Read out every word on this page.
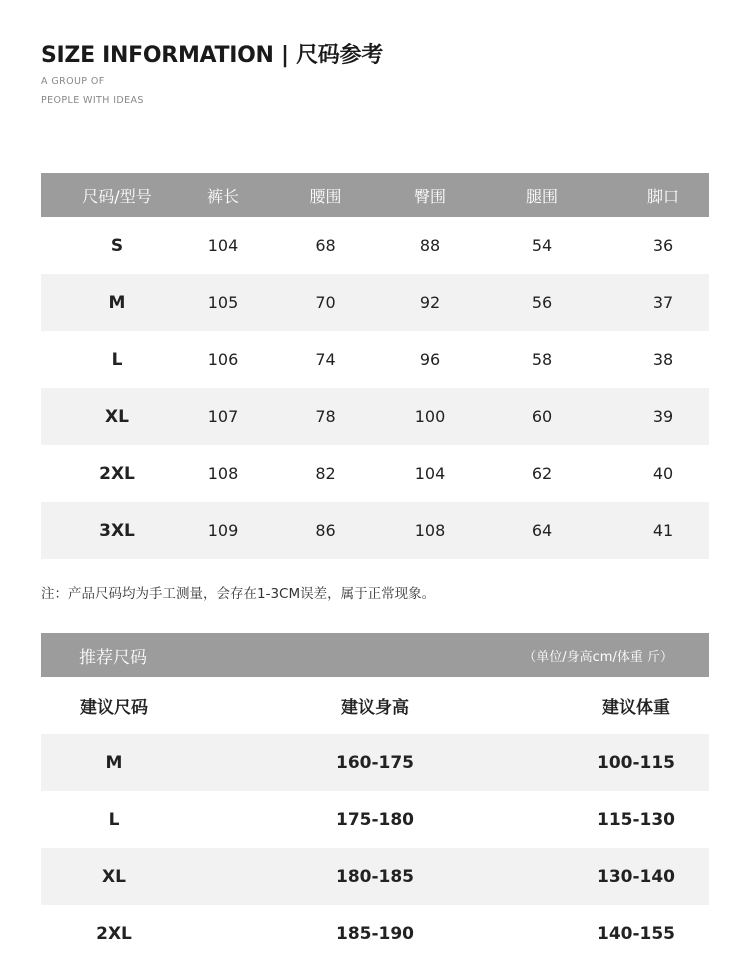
SIZE INFORMATION | 尺码参考
A GROUP OF
PEOPLE WITH IDEAS
尺码/型号	裤长	腰围	臀围	腿围	脚口
S	104	68	88	54	36
M	105	70	92	56	37
L	106	74	96	58	38
XL	107	78	100	60	39
2XL	108	82	104	62	40
3XL	109	86	108	64	41
注：产品尺码均为手工测量，会存在1-3CM误差，属于正常现象。
推荐尺码	（单位/身高cm/体重 斤）
建议尺码	建议身高	建议体重
M	160-175	100-115
L	175-180	115-130
XL	180-185	130-140
2XL	185-190	140-155
